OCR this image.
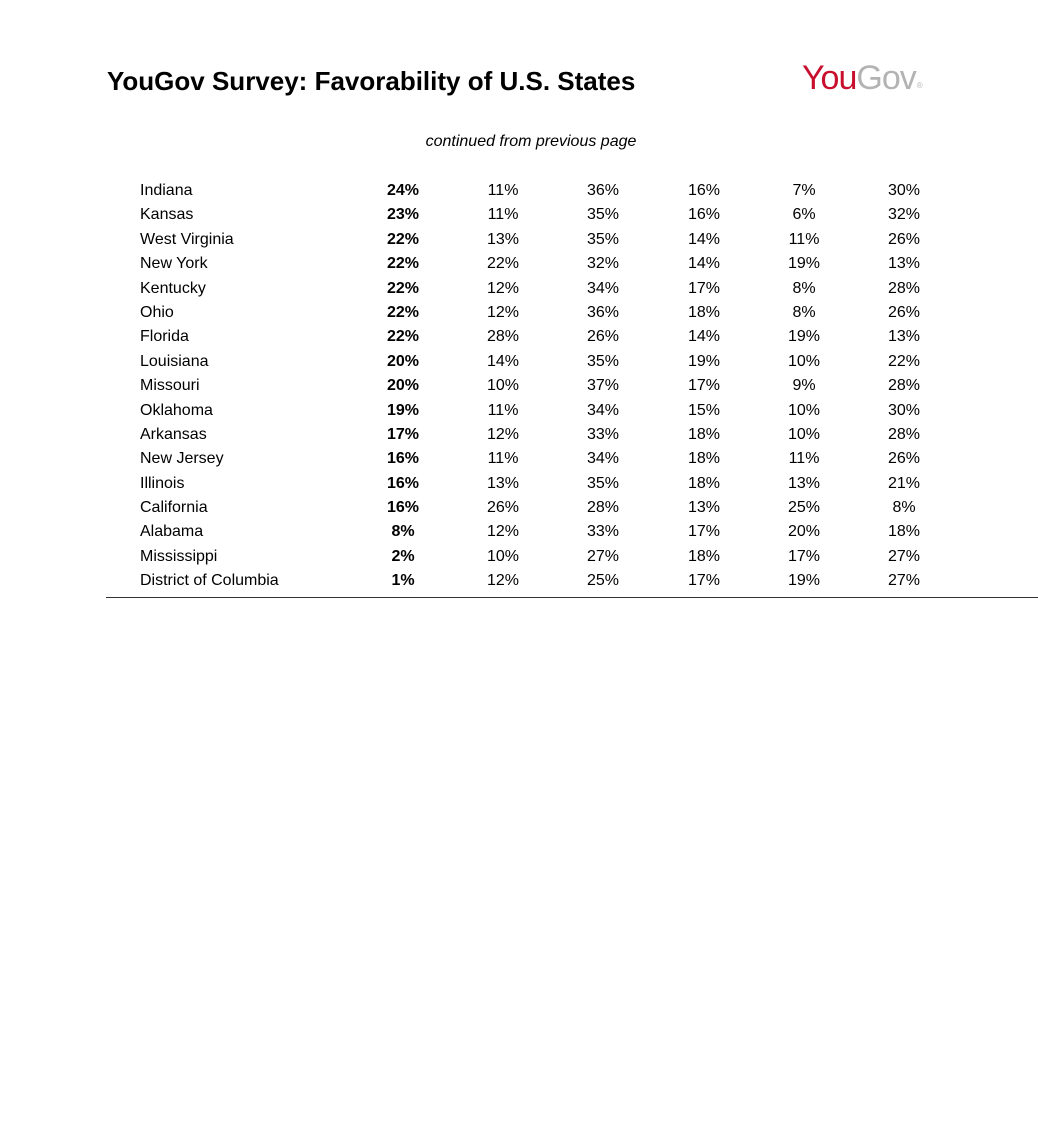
YouGov Survey: Favorability of U.S. States	YouGov®
continued from previous page
Indiana	24%	11%	36%	16%	7%	30%
Kansas	23%	11%	35%	16%	6%	32%
West Virginia	22%	13%	35%	14%	11%	26%
New York	22%	22%	32%	14%	19%	13%
Kentucky	22%	12%	34%	17%	8%	28%
Ohio	22%	12%	36%	18%	8%	26%
Florida	22%	28%	26%	14%	19%	13%
Louisiana	20%	14%	35%	19%	10%	22%
Missouri	20%	10%	37%	17%	9%	28%
Oklahoma	19%	11%	34%	15%	10%	30%
Arkansas	17%	12%	33%	18%	10%	28%
New Jersey	16%	11%	34%	18%	11%	26%
Illinois	16%	13%	35%	18%	13%	21%
California	16%	26%	28%	13%	25%	8%
Alabama	8%	12%	33%	17%	20%	18%
Mississippi	2%	10%	27%	18%	17%	27%
District of Columbia	1%	12%	25%	17%	19%	27%
